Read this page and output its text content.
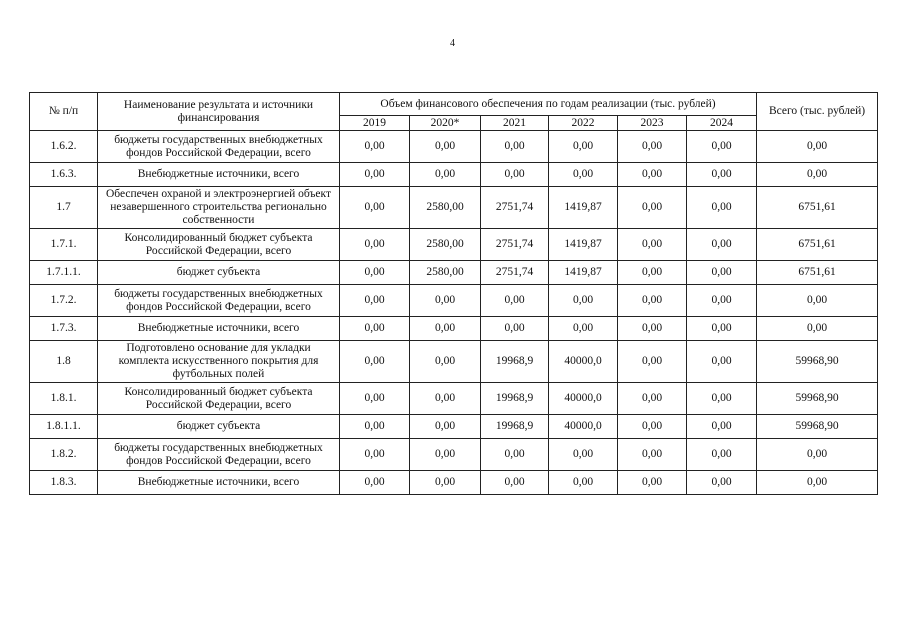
4
№ п/п	Наименование результата и источники финансирования	Объем финансового обеспечения по годам реализации (тыс. рублей)						Всего (тыс. рублей)
		2019	2020*	2021	2022	2023	2024	
1.6.2.	бюджеты государственных внебюджетных фондов Российской Федерации, всего	0,00	0,00	0,00	0,00	0,00	0,00	0,00
1.6.3.	Внебюджетные источники, всего	0,00	0,00	0,00	0,00	0,00	0,00	0,00
1.7	Обеспечен охраной и электроэнергией объект незавершенного строительства регионально собственности	0,00	2580,00	2751,74	1419,87	0,00	0,00	6751,61
1.7.1.	Консолидированный бюджет субъекта Российской Федерации, всего	0,00	2580,00	2751,74	1419,87	0,00	0,00	6751,61
1.7.1.1.	бюджет субъекта	0,00	2580,00	2751,74	1419,87	0,00	0,00	6751,61
1.7.2.	бюджеты государственных внебюджетных фондов Российской Федерации, всего	0,00	0,00	0,00	0,00	0,00	0,00	0,00
1.7.3.	Внебюджетные источники, всего	0,00	0,00	0,00	0,00	0,00	0,00	0,00
1.8	Подготовлено основание для укладки комплекта искусственного покрытия для футбольных полей	0,00	0,00	19968,9	40000,0	0,00	0,00	59968,90
1.8.1.	Консолидированный бюджет субъекта Российской Федерации, всего	0,00	0,00	19968,9	40000,0	0,00	0,00	59968,90
1.8.1.1.	бюджет субъекта	0,00	0,00	19968,9	40000,0	0,00	0,00	59968,90
1.8.2.	бюджеты государственных внебюджетных фондов Российской Федерации, всего	0,00	0,00	0,00	0,00	0,00	0,00	0,00
1.8.3.	Внебюджетные источники, всего	0,00	0,00	0,00	0,00	0,00	0,00	0,00
